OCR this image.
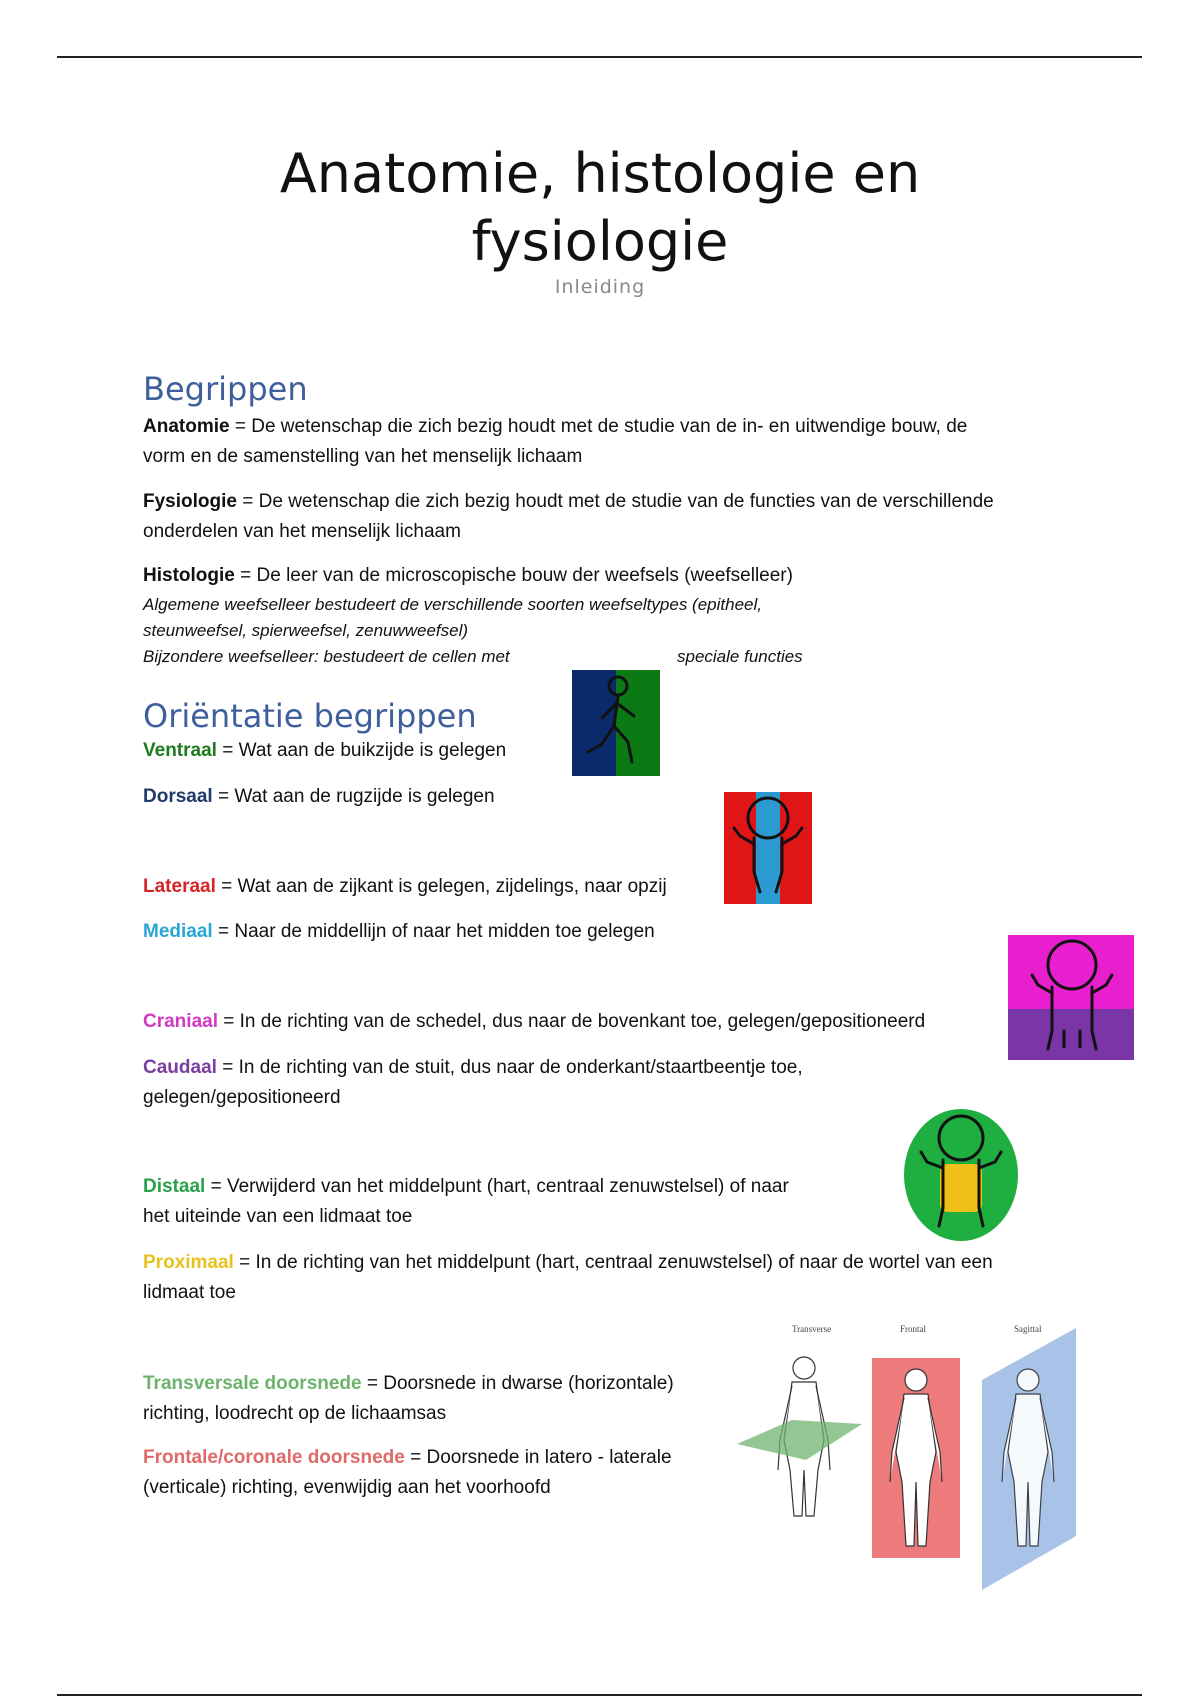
Anatomie, histologie en
fysiologie
Inleiding
Begrippen
Anatomie = De wetenschap die zich bezig houdt met de studie van de in- en uitwendige bouw, de
vorm en de samenstelling van het menselijk lichaam
Fysiologie = De wetenschap die zich bezig houdt met de studie van de functies van de verschillende
onderdelen van het menselijk lichaam
Histologie = De leer van de microscopische bouw der weefsels (weefselleer)
Algemene weefselleer bestudeert de verschillende soorten weefseltypes (epitheel,
steunweefsel, spierweefsel, zenuwweefsel)
Bijzondere weefselleer: bestudeert de cellen met	speciale functies
Oriëntatie begrippen
Ventraal = Wat aan de buikzijde is gelegen
Dorsaal = Wat aan de rugzijde is gelegen
Lateraal = Wat aan de zijkant is gelegen, zijdelings, naar opzij
Mediaal = Naar de middellijn of naar het midden toe gelegen
Craniaal = In de richting van de schedel, dus naar de bovenkant toe, gelegen/gepositioneerd
Caudaal = In de richting van de stuit, dus naar de onderkant/staartbeentje toe,
gelegen/gepositioneerd
Distaal = Verwijderd van het middelpunt (hart, centraal zenuwstelsel) of naar
het uiteinde van een lidmaat toe
Proximaal = In de richting van het middelpunt (hart, centraal zenuwstelsel) of naar de wortel van een
lidmaat toe
Transversale doorsnede = Doorsnede in dwarse (horizontale)
richting, loodrecht op de lichaamsas
Frontale/coronale doorsnede = Doorsnede in latero - laterale
(verticale) richting, evenwijdig aan het voorhoofd
Transverse	Frontal	Sagittal
